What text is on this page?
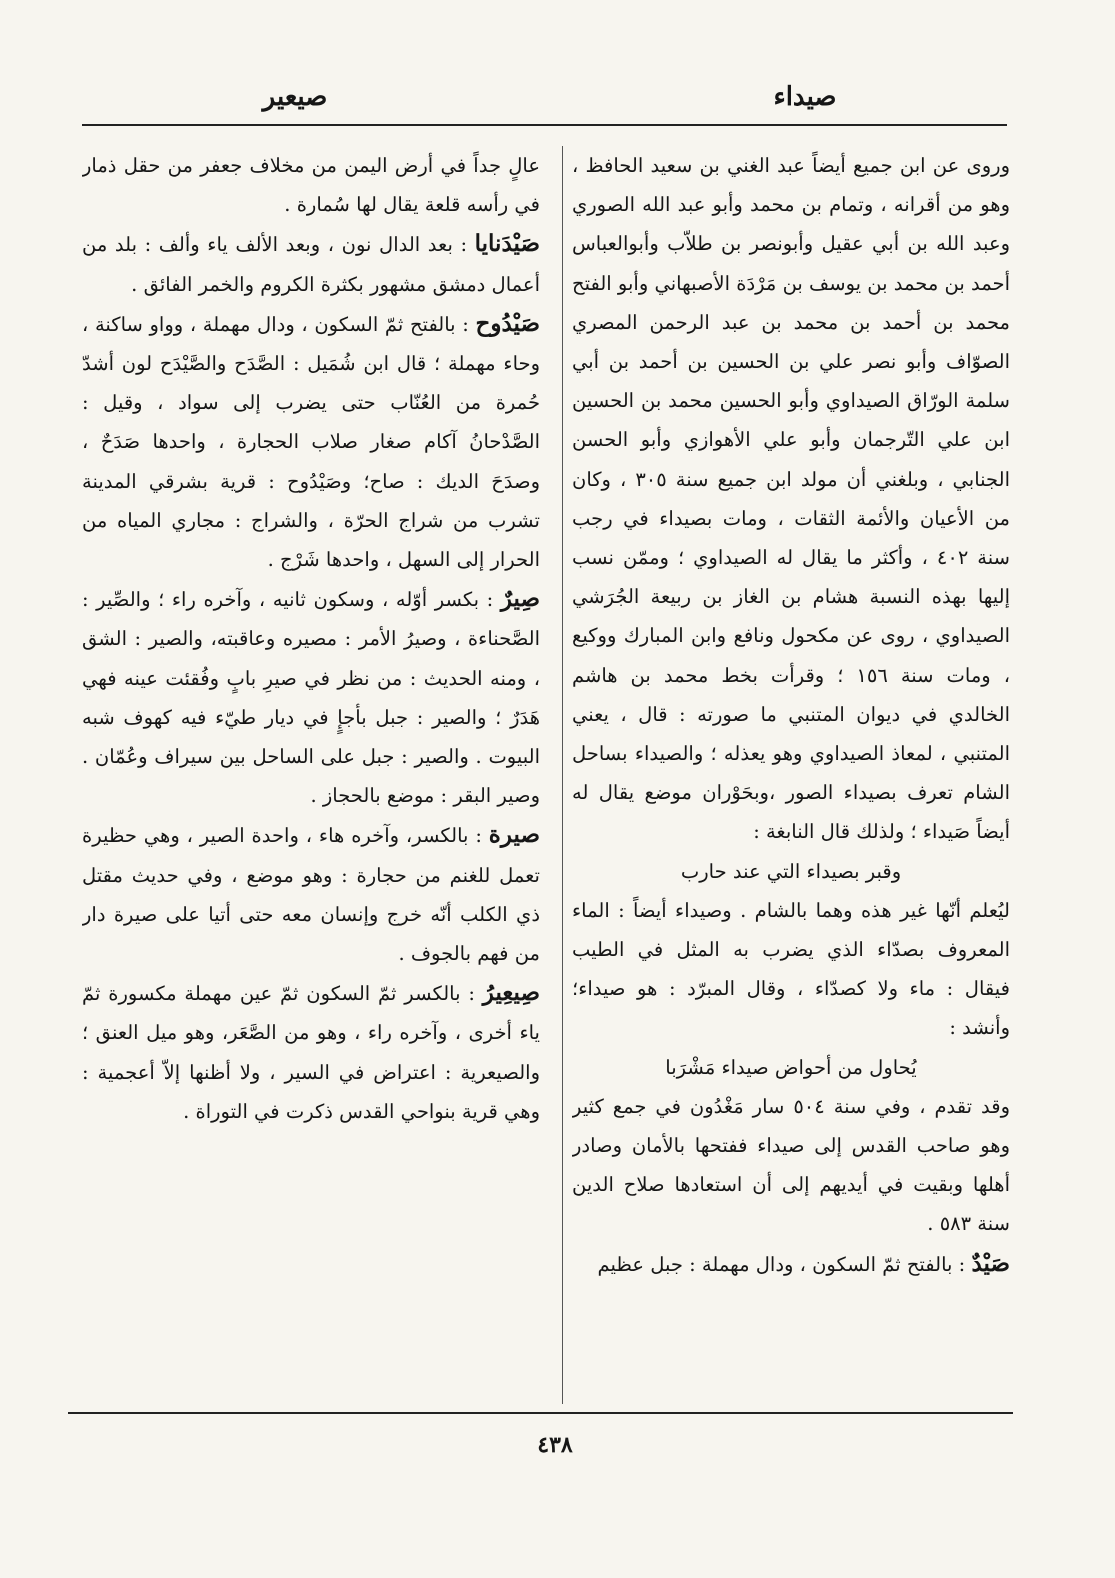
صيداء
صيعير

وروى عن ابن جميع أيضاً عبد الغني بن سعيد الحافظ ، وهو من أقرانه ، وتمام بن محمد وأبو عبد الله الصوري وعبد الله بن أبي عقيل وأبونصر بن طلاّب وأبوالعباس أحمد بن محمد بن يوسف بن مَرْدَة الأصبهاني وأبو الفتح محمد بن أحمد بن محمد بن عبد الرحمن المصري الصوّاف وأبو نصر علي بن الحسين بن أحمد بن أبي سلمة الورّاق الصيداوي وأبو الحسين محمد بن الحسين ابن علي التّرجمان وأبو علي الأهوازي وأبو الحسن الجنابي ، وبلغني أن مولد ابن جميع سنة ٣٠٥ ، وكان من الأعيان والأئمة الثقات ، ومات بصيداء في رجب سنة ٤٠٢ ، وأكثر ما يقال له الصيداوي ؛ وممّن نسب إليها بهذه النسبة هشام بن الغاز بن ربيعة الجُرَشي الصيداوي ، روى عن مكحول ونافع وابن المبارك ووكيع ، ومات سنة ١٥٦ ؛ وقرأت بخط محمد بن هاشم الخالدي في ديوان المتنبي ما صورته : قال ، يعني المتنبي ، لمعاذ الصيداوي وهو يعذله ؛ والصيداء بساحل الشام تعرف بصيداء الصور ،وبحَوْران موضع يقال له أيضاً صَيداء ؛ ولذلك قال النابغة :

وقبر بصيداء التي عند حارب

ليُعلم أنّها غير هذه وهما بالشام . وصيداء أيضاً : الماء المعروف بصدّاء الذي يضرب به المثل في الطيب فيقال : ماء ولا كصدّاء ، وقال المبرّد : هو صيداء؛ وأنشد :

يُحاول من أحواض صيداء مَشْرَبا

وقد تقدم ، وفي سنة ٥٠٤ سار مَغْدُون في جمع كثير وهو صاحب القدس إلى صيداء ففتحها بالأمان وصادر أهلها وبقيت في أيديهم إلى أن استعادها صلاح الدين سنة ٥٨٣ .

صَيْدٌ : بالفتح ثمّ السكون ، ودال مهملة : جبل عظيم

عالٍ جداً في أرض اليمن من مخلاف جعفر من حقل ذمار في رأسه قلعة يقال لها سُمارة .

صَيْدَنايا : بعد الدال نون ، وبعد الألف ياء وألف : بلد من أعمال دمشق مشهور بكثرة الكروم والخمر الفائق .

صَيْدُوح : بالفتح ثمّ السكون ، ودال مهملة ، وواو ساكنة ، وحاء مهملة ؛ قال ابن شُمَيل : الصَّدَح والصَّيْدَح لون أشدّ حُمرة من العُنّاب حتى يضرب إلى سواد ، وقيل : الصَّدْحانُ آكام صغار صلاب الحجارة ، واحدها صَدَحٌ ، وصدَحَ الديك : صاح؛ وصَيْدُوح : قرية بشرقي المدينة تشرب من شراج الحرّة ، والشراج : مجاري المياه من الحرار إلى السهل ، واحدها شَرْج .

صِيرٌ : بكسر أوّله ، وسكون ثانيه ، وآخره راء ؛ والصِّير : الصَّحناءة ، وصيرُ الأمر : مصيره وعاقبته، والصير : الشق ، ومنه الحديث : من نظر في صيرِ بابٍ وفُقئت عينه فهي هَدَرٌ ؛ والصير : جبل بأجإٍ في ديار طيّء فيه كهوف شبه البيوت . والصير : جبل على الساحل بين سيراف وعُمّان . وصير البقر : موضع بالحجاز .

صيرة : بالكسر، وآخره هاء ، واحدة الصير ، وهي حظيرة تعمل للغنم من حجارة : وهو موضع ، وفي حديث مقتل ذي الكلب أنّه خرج وإنسان معه حتى أتيا على صيرة دار من فهم بالجوف .

صِيعِيرُ : بالكسر ثمّ السكون ثمّ عين مهملة مكسورة ثمّ ياء أخرى ، وآخره راء ، وهو من الصَّعَر، وهو ميل العنق ؛ والصيعرية : اعتراض في السير ، ولا أظنها إلاّ أعجمية : وهي قرية بنواحي القدس ذكرت في التوراة .

٤٣٨
